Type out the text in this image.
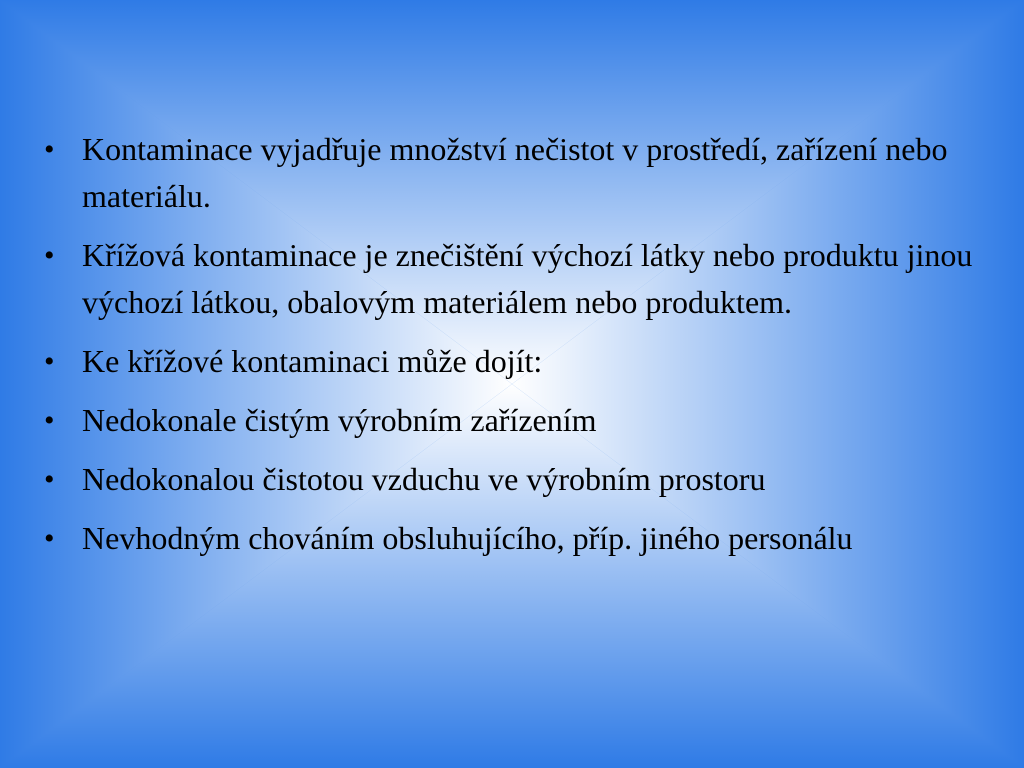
• Kontaminace vyjadřuje množství nečistot v prostředí, zařízení nebo materiálu.
• Křížová kontaminace je znečištění výchozí látky nebo produktu jinou výchozí látkou, obalovým materiálem nebo produktem.
• Ke křížové kontaminaci může dojít:
• Nedokonale čistým výrobním zařízením
• Nedokonalou čistotou vzduchu ve výrobním prostoru
• Nevhodným chováním obsluhujícího, příp. jiného personálu
